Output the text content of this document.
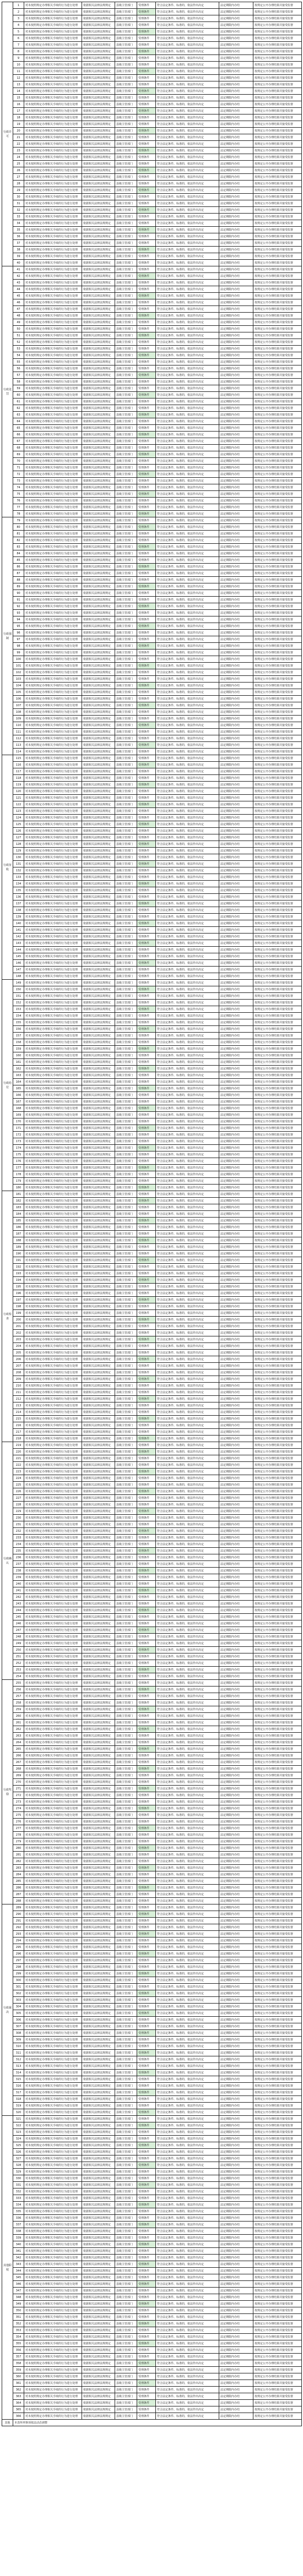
行政许可	1	对未按照规定办理相关手续的行为进行处理	依据相关法律法规规定	县级主管部门	受理条件	符合法定条件、标准的，依法作出决定	法定期限内办结	按规定公开办理结果并接受监督
	2	对未按照规定办理相关手续的行为进行处理	依据相关法律法规规定	县级主管部门	受理条件	符合法定条件、标准的，依法作出决定	法定期限内办结	按规定公开办理结果并接受监督
	3	对未按照规定办理相关手续的行为进行处理	依据相关法律法规规定	县级主管部门	受理条件	符合法定条件、标准的，依法作出决定	法定期限内办结	按规定公开办理结果并接受监督
	4	对未按照规定办理相关手续的行为进行处理	依据相关法律法规规定	县级主管部门	受理条件	符合法定条件、标准的，依法作出决定	法定期限内办结	按规定公开办理结果并接受监督
	5	对未按照规定办理相关手续的行为进行处理	依据相关法律法规规定	县级主管部门	受理条件	符合法定条件、标准的，依法作出决定	法定期限内办结	按规定公开办理结果并接受监督
	6	对未按照规定办理相关手续的行为进行处理	依据相关法律法规规定	县级主管部门	受理条件	符合法定条件、标准的，依法作出决定	法定期限内办结	按规定公开办理结果并接受监督
	7	对未按照规定办理相关手续的行为进行处理	依据相关法律法规规定	县级主管部门	受理条件	符合法定条件、标准的，依法作出决定	法定期限内办结	按规定公开办理结果并接受监督
	8	对未按照规定办理相关手续的行为进行处理	依据相关法律法规规定	县级主管部门	受理条件	符合法定条件、标准的，依法作出决定	法定期限内办结	按规定公开办理结果并接受监督
	9	对未按照规定办理相关手续的行为进行处理	依据相关法律法规规定	县级主管部门	受理条件	符合法定条件、标准的，依法作出决定	法定期限内办结	按规定公开办理结果并接受监督
	10	对未按照规定办理相关手续的行为进行处理	依据相关法律法规规定	县级主管部门	受理条件	符合法定条件、标准的，依法作出决定	法定期限内办结	按规定公开办理结果并接受监督
	11	对未按照规定办理相关手续的行为进行处理	依据相关法律法规规定	县级主管部门	受理条件	符合法定条件、标准的，依法作出决定	法定期限内办结	按规定公开办理结果并接受监督
	12	对未按照规定办理相关手续的行为进行处理	依据相关法律法规规定	县级主管部门	受理条件	符合法定条件、标准的，依法作出决定	法定期限内办结	按规定公开办理结果并接受监督
	13	对未按照规定办理相关手续的行为进行处理	依据相关法律法规规定	县级主管部门	受理条件	符合法定条件、标准的，依法作出决定	法定期限内办结	按规定公开办理结果并接受监督
	14	对未按照规定办理相关手续的行为进行处理	依据相关法律法规规定	县级主管部门	受理条件	符合法定条件、标准的，依法作出决定	法定期限内办结	按规定公开办理结果并接受监督
	15	对未按照规定办理相关手续的行为进行处理	依据相关法律法规规定	县级主管部门	受理条件	符合法定条件、标准的，依法作出决定	法定期限内办结	按规定公开办理结果并接受监督
	16	对未按照规定办理相关手续的行为进行处理	依据相关法律法规规定	县级主管部门	受理条件	符合法定条件、标准的，依法作出决定	法定期限内办结	按规定公开办理结果并接受监督
	17	对未按照规定办理相关手续的行为进行处理	依据相关法律法规规定	县级主管部门	受理条件	符合法定条件、标准的，依法作出决定	法定期限内办结	按规定公开办理结果并接受监督
	18	对未按照规定办理相关手续的行为进行处理	依据相关法律法规规定	县级主管部门	受理条件	符合法定条件、标准的，依法作出决定	法定期限内办结	按规定公开办理结果并接受监督
	19	对未按照规定办理相关手续的行为进行处理	依据相关法律法规规定	县级主管部门	受理条件	符合法定条件、标准的，依法作出决定	法定期限内办结	按规定公开办理结果并接受监督
	20	对未按照规定办理相关手续的行为进行处理	依据相关法律法规规定	县级主管部门	受理条件	符合法定条件、标准的，依法作出决定	法定期限内办结	按规定公开办理结果并接受监督
	21	对未按照规定办理相关手续的行为进行处理	依据相关法律法规规定	县级主管部门	受理条件	符合法定条件、标准的，依法作出决定	法定期限内办结	按规定公开办理结果并接受监督
	22	对未按照规定办理相关手续的行为进行处理	依据相关法律法规规定	县级主管部门	受理条件	符合法定条件、标准的，依法作出决定	法定期限内办结	按规定公开办理结果并接受监督
	23	对未按照规定办理相关手续的行为进行处理	依据相关法律法规规定	县级主管部门	受理条件	符合法定条件、标准的，依法作出决定	法定期限内办结	按规定公开办理结果并接受监督
	24	对未按照规定办理相关手续的行为进行处理	依据相关法律法规规定	县级主管部门	受理条件	符合法定条件、标准的，依法作出决定	法定期限内办结	按规定公开办理结果并接受监督
	25	对未按照规定办理相关手续的行为进行处理	依据相关法律法规规定	县级主管部门	受理条件	符合法定条件、标准的，依法作出决定	法定期限内办结	按规定公开办理结果并接受监督
	26	对未按照规定办理相关手续的行为进行处理	依据相关法律法规规定	县级主管部门	受理条件	符合法定条件、标准的，依法作出决定	法定期限内办结	按规定公开办理结果并接受监督
	27	对未按照规定办理相关手续的行为进行处理	依据相关法律法规规定	县级主管部门	受理条件	符合法定条件、标准的，依法作出决定	法定期限内办结	按规定公开办理结果并接受监督
	28	对未按照规定办理相关手续的行为进行处理	依据相关法律法规规定	县级主管部门	受理条件	符合法定条件、标准的，依法作出决定	法定期限内办结	按规定公开办理结果并接受监督
	29	对未按照规定办理相关手续的行为进行处理	依据相关法律法规规定	县级主管部门	受理条件	符合法定条件、标准的，依法作出决定	法定期限内办结	按规定公开办理结果并接受监督
	30	对未按照规定办理相关手续的行为进行处理	依据相关法律法规规定	县级主管部门	受理条件	符合法定条件、标准的，依法作出决定	法定期限内办结	按规定公开办理结果并接受监督
	31	对未按照规定办理相关手续的行为进行处理	依据相关法律法规规定	县级主管部门	受理条件	符合法定条件、标准的，依法作出决定	法定期限内办结	按规定公开办理结果并接受监督
	32	对未按照规定办理相关手续的行为进行处理	依据相关法律法规规定	县级主管部门	受理条件	符合法定条件、标准的，依法作出决定	法定期限内办结	按规定公开办理结果并接受监督
	33	对未按照规定办理相关手续的行为进行处理	依据相关法律法规规定	县级主管部门	受理条件	符合法定条件、标准的，依法作出决定	法定期限内办结	按规定公开办理结果并接受监督
	34	对未按照规定办理相关手续的行为进行处理	依据相关法律法规规定	县级主管部门	受理条件	符合法定条件、标准的，依法作出决定	法定期限内办结	按规定公开办理结果并接受监督
	35	对未按照规定办理相关手续的行为进行处理	依据相关法律法规规定	县级主管部门	受理条件	符合法定条件、标准的，依法作出决定	法定期限内办结	按规定公开办理结果并接受监督
	36	对未按照规定办理相关手续的行为进行处理	依据相关法律法规规定	县级主管部门	受理条件	符合法定条件、标准的，依法作出决定	法定期限内办结	按规定公开办理结果并接受监督
	37	对未按照规定办理相关手续的行为进行处理	依据相关法律法规规定	县级主管部门	受理条件	符合法定条件、标准的，依法作出决定	法定期限内办结	按规定公开办理结果并接受监督
	38	对未按照规定办理相关手续的行为进行处理	依据相关法律法规规定	县级主管部门	受理条件	符合法定条件、标准的，依法作出决定	法定期限内办结	按规定公开办理结果并接受监督
	39	对未按照规定办理相关手续的行为进行处理	依据相关法律法规规定	县级主管部门	受理条件	符合法定条件、标准的，依法作出决定	法定期限内办结	按规定公开办理结果并接受监督
	40	对未按照规定办理相关手续的行为进行处理	依据相关法律法规规定	县级主管部门	受理条件	符合法定条件、标准的，依法作出决定	法定期限内办结	按规定公开办理结果并接受监督
行政处罚	41	对未按照规定办理相关手续的行为进行处理	依据相关法律法规规定	县级主管部门	受理条件	符合法定条件、标准的，依法作出决定	法定期限内办结	按规定公开办理结果并接受监督
	42	对未按照规定办理相关手续的行为进行处理	依据相关法律法规规定	县级主管部门	受理条件	符合法定条件、标准的，依法作出决定	法定期限内办结	按规定公开办理结果并接受监督
	43	对未按照规定办理相关手续的行为进行处理	依据相关法律法规规定	县级主管部门	受理条件	符合法定条件、标准的，依法作出决定	法定期限内办结	按规定公开办理结果并接受监督
	44	对未按照规定办理相关手续的行为进行处理	依据相关法律法规规定	县级主管部门	受理条件	符合法定条件、标准的，依法作出决定	法定期限内办结	按规定公开办理结果并接受监督
	45	对未按照规定办理相关手续的行为进行处理	依据相关法律法规规定	县级主管部门	受理条件	符合法定条件、标准的，依法作出决定	法定期限内办结	按规定公开办理结果并接受监督
	46	对未按照规定办理相关手续的行为进行处理	依据相关法律法规规定	县级主管部门	受理条件	符合法定条件、标准的，依法作出决定	法定期限内办结	按规定公开办理结果并接受监督
	47	对未按照规定办理相关手续的行为进行处理	依据相关法律法规规定	县级主管部门	受理条件	符合法定条件、标准的，依法作出决定	法定期限内办结	按规定公开办理结果并接受监督
	48	对未按照规定办理相关手续的行为进行处理	依据相关法律法规规定	县级主管部门	受理条件	符合法定条件、标准的，依法作出决定	法定期限内办结	按规定公开办理结果并接受监督
	49	对未按照规定办理相关手续的行为进行处理	依据相关法律法规规定	县级主管部门	受理条件	符合法定条件、标准的，依法作出决定	法定期限内办结	按规定公开办理结果并接受监督
	50	对未按照规定办理相关手续的行为进行处理	依据相关法律法规规定	县级主管部门	受理条件	符合法定条件、标准的，依法作出决定	法定期限内办结	按规定公开办理结果并接受监督
	51	对未按照规定办理相关手续的行为进行处理	依据相关法律法规规定	县级主管部门	受理条件	符合法定条件、标准的，依法作出决定	法定期限内办结	按规定公开办理结果并接受监督
	52	对未按照规定办理相关手续的行为进行处理	依据相关法律法规规定	县级主管部门	受理条件	符合法定条件、标准的，依法作出决定	法定期限内办结	按规定公开办理结果并接受监督
	53	对未按照规定办理相关手续的行为进行处理	依据相关法律法规规定	县级主管部门	受理条件	符合法定条件、标准的，依法作出决定	法定期限内办结	按规定公开办理结果并接受监督
	54	对未按照规定办理相关手续的行为进行处理	依据相关法律法规规定	县级主管部门	受理条件	符合法定条件、标准的，依法作出决定	法定期限内办结	按规定公开办理结果并接受监督
	55	对未按照规定办理相关手续的行为进行处理	依据相关法律法规规定	县级主管部门	受理条件	符合法定条件、标准的，依法作出决定	法定期限内办结	按规定公开办理结果并接受监督
	56	对未按照规定办理相关手续的行为进行处理	依据相关法律法规规定	县级主管部门	受理条件	符合法定条件、标准的，依法作出决定	法定期限内办结	按规定公开办理结果并接受监督
	57	对未按照规定办理相关手续的行为进行处理	依据相关法律法规规定	县级主管部门	受理条件	符合法定条件、标准的，依法作出决定	法定期限内办结	按规定公开办理结果并接受监督
	58	对未按照规定办理相关手续的行为进行处理	依据相关法律法规规定	县级主管部门	受理条件	符合法定条件、标准的，依法作出决定	法定期限内办结	按规定公开办理结果并接受监督
	59	对未按照规定办理相关手续的行为进行处理	依据相关法律法规规定	县级主管部门	受理条件	符合法定条件、标准的，依法作出决定	法定期限内办结	按规定公开办理结果并接受监督
	60	对未按照规定办理相关手续的行为进行处理	依据相关法律法规规定	县级主管部门	受理条件	符合法定条件、标准的，依法作出决定	法定期限内办结	按规定公开办理结果并接受监督
	61	对未按照规定办理相关手续的行为进行处理	依据相关法律法规规定	县级主管部门	受理条件	符合法定条件、标准的，依法作出决定	法定期限内办结	按规定公开办理结果并接受监督
	62	对未按照规定办理相关手续的行为进行处理	依据相关法律法规规定	县级主管部门	受理条件	符合法定条件、标准的，依法作出决定	法定期限内办结	按规定公开办理结果并接受监督
	63	对未按照规定办理相关手续的行为进行处理	依据相关法律法规规定	县级主管部门	受理条件	符合法定条件、标准的，依法作出决定	法定期限内办结	按规定公开办理结果并接受监督
	64	对未按照规定办理相关手续的行为进行处理	依据相关法律法规规定	县级主管部门	受理条件	符合法定条件、标准的，依法作出决定	法定期限内办结	按规定公开办理结果并接受监督
	65	对未按照规定办理相关手续的行为进行处理	依据相关法律法规规定	县级主管部门	受理条件	符合法定条件、标准的，依法作出决定	法定期限内办结	按规定公开办理结果并接受监督
	66	对未按照规定办理相关手续的行为进行处理	依据相关法律法规规定	县级主管部门	受理条件	符合法定条件、标准的，依法作出决定	法定期限内办结	按规定公开办理结果并接受监督
	67	对未按照规定办理相关手续的行为进行处理	依据相关法律法规规定	县级主管部门	受理条件	符合法定条件、标准的，依法作出决定	法定期限内办结	按规定公开办理结果并接受监督
	68	对未按照规定办理相关手续的行为进行处理	依据相关法律法规规定	县级主管部门	受理条件	符合法定条件、标准的，依法作出决定	法定期限内办结	按规定公开办理结果并接受监督
	69	对未按照规定办理相关手续的行为进行处理	依据相关法律法规规定	县级主管部门	受理条件	符合法定条件、标准的，依法作出决定	法定期限内办结	按规定公开办理结果并接受监督
	70	对未按照规定办理相关手续的行为进行处理	依据相关法律法规规定	县级主管部门	受理条件	符合法定条件、标准的，依法作出决定	法定期限内办结	按规定公开办理结果并接受监督
	71	对未按照规定办理相关手续的行为进行处理	依据相关法律法规规定	县级主管部门	受理条件	符合法定条件、标准的，依法作出决定	法定期限内办结	按规定公开办理结果并接受监督
	72	对未按照规定办理相关手续的行为进行处理	依据相关法律法规规定	县级主管部门	受理条件	符合法定条件、标准的，依法作出决定	法定期限内办结	按规定公开办理结果并接受监督
	73	对未按照规定办理相关手续的行为进行处理	依据相关法律法规规定	县级主管部门	受理条件	符合法定条件、标准的，依法作出决定	法定期限内办结	按规定公开办理结果并接受监督
	74	对未按照规定办理相关手续的行为进行处理	依据相关法律法规规定	县级主管部门	受理条件	符合法定条件、标准的，依法作出决定	法定期限内办结	按规定公开办理结果并接受监督
	75	对未按照规定办理相关手续的行为进行处理	依据相关法律法规规定	县级主管部门	受理条件	符合法定条件、标准的，依法作出决定	法定期限内办结	按规定公开办理结果并接受监督
	76	对未按照规定办理相关手续的行为进行处理	依据相关法律法规规定	县级主管部门	受理条件	符合法定条件、标准的，依法作出决定	法定期限内办结	按规定公开办理结果并接受监督
	77	对未按照规定办理相关手续的行为进行处理	依据相关法律法规规定	县级主管部门	受理条件	符合法定条件、标准的，依法作出决定	法定期限内办结	按规定公开办理结果并接受监督
	78	对未按照规定办理相关手续的行为进行处理	依据相关法律法规规定	县级主管部门	受理条件	符合法定条件、标准的，依法作出决定	法定期限内办结	按规定公开办理结果并接受监督
行政强制	79	对未按照规定办理相关手续的行为进行处理	依据相关法律法规规定	县级主管部门	受理条件	符合法定条件、标准的，依法作出决定	法定期限内办结	按规定公开办理结果并接受监督
	80	对未按照规定办理相关手续的行为进行处理	依据相关法律法规规定	县级主管部门	受理条件	符合法定条件、标准的，依法作出决定	法定期限内办结	按规定公开办理结果并接受监督
	81	对未按照规定办理相关手续的行为进行处理	依据相关法律法规规定	县级主管部门	受理条件	符合法定条件、标准的，依法作出决定	法定期限内办结	按规定公开办理结果并接受监督
	82	对未按照规定办理相关手续的行为进行处理	依据相关法律法规规定	县级主管部门	受理条件	符合法定条件、标准的，依法作出决定	法定期限内办结	按规定公开办理结果并接受监督
	83	对未按照规定办理相关手续的行为进行处理	依据相关法律法规规定	县级主管部门	受理条件	符合法定条件、标准的，依法作出决定	法定期限内办结	按规定公开办理结果并接受监督
	84	对未按照规定办理相关手续的行为进行处理	依据相关法律法规规定	县级主管部门	受理条件	符合法定条件、标准的，依法作出决定	法定期限内办结	按规定公开办理结果并接受监督
	85	对未按照规定办理相关手续的行为进行处理	依据相关法律法规规定	县级主管部门	受理条件	符合法定条件、标准的，依法作出决定	法定期限内办结	按规定公开办理结果并接受监督
	86	对未按照规定办理相关手续的行为进行处理	依据相关法律法规规定	县级主管部门	受理条件	符合法定条件、标准的，依法作出决定	法定期限内办结	按规定公开办理结果并接受监督
	87	对未按照规定办理相关手续的行为进行处理	依据相关法律法规规定	县级主管部门	受理条件	符合法定条件、标准的，依法作出决定	法定期限内办结	按规定公开办理结果并接受监督
	88	对未按照规定办理相关手续的行为进行处理	依据相关法律法规规定	县级主管部门	受理条件	符合法定条件、标准的，依法作出决定	法定期限内办结	按规定公开办理结果并接受监督
	89	对未按照规定办理相关手续的行为进行处理	依据相关法律法规规定	县级主管部门	受理条件	符合法定条件、标准的，依法作出决定	法定期限内办结	按规定公开办理结果并接受监督
	90	对未按照规定办理相关手续的行为进行处理	依据相关法律法规规定	县级主管部门	受理条件	符合法定条件、标准的，依法作出决定	法定期限内办结	按规定公开办理结果并接受监督
	91	对未按照规定办理相关手续的行为进行处理	依据相关法律法规规定	县级主管部门	受理条件	符合法定条件、标准的，依法作出决定	法定期限内办结	按规定公开办理结果并接受监督
	92	对未按照规定办理相关手续的行为进行处理	依据相关法律法规规定	县级主管部门	受理条件	符合法定条件、标准的，依法作出决定	法定期限内办结	按规定公开办理结果并接受监督
	93	对未按照规定办理相关手续的行为进行处理	依据相关法律法规规定	县级主管部门	受理条件	符合法定条件、标准的，依法作出决定	法定期限内办结	按规定公开办理结果并接受监督
	94	对未按照规定办理相关手续的行为进行处理	依据相关法律法规规定	县级主管部门	受理条件	符合法定条件、标准的，依法作出决定	法定期限内办结	按规定公开办理结果并接受监督
	95	对未按照规定办理相关手续的行为进行处理	依据相关法律法规规定	县级主管部门	受理条件	符合法定条件、标准的，依法作出决定	法定期限内办结	按规定公开办理结果并接受监督
	96	对未按照规定办理相关手续的行为进行处理	依据相关法律法规规定	县级主管部门	受理条件	符合法定条件、标准的，依法作出决定	法定期限内办结	按规定公开办理结果并接受监督
	97	对未按照规定办理相关手续的行为进行处理	依据相关法律法规规定	县级主管部门	受理条件	符合法定条件、标准的，依法作出决定	法定期限内办结	按规定公开办理结果并接受监督
	98	对未按照规定办理相关手续的行为进行处理	依据相关法律法规规定	县级主管部门	受理条件	符合法定条件、标准的，依法作出决定	法定期限内办结	按规定公开办理结果并接受监督
	99	对未按照规定办理相关手续的行为进行处理	依据相关法律法规规定	县级主管部门	受理条件	符合法定条件、标准的，依法作出决定	法定期限内办结	按规定公开办理结果并接受监督
	100	对未按照规定办理相关手续的行为进行处理	依据相关法律法规规定	县级主管部门	受理条件	符合法定条件、标准的，依法作出决定	法定期限内办结	按规定公开办理结果并接受监督
	101	对未按照规定办理相关手续的行为进行处理	依据相关法律法规规定	县级主管部门	受理条件	符合法定条件、标准的，依法作出决定	法定期限内办结	按规定公开办理结果并接受监督
	102	对未按照规定办理相关手续的行为进行处理	依据相关法律法规规定	县级主管部门	受理条件	符合法定条件、标准的，依法作出决定	法定期限内办结	按规定公开办理结果并接受监督
	103	对未按照规定办理相关手续的行为进行处理	依据相关法律法规规定	县级主管部门	受理条件	符合法定条件、标准的，依法作出决定	法定期限内办结	按规定公开办理结果并接受监督
	104	对未按照规定办理相关手续的行为进行处理	依据相关法律法规规定	县级主管部门	受理条件	符合法定条件、标准的，依法作出决定	法定期限内办结	按规定公开办理结果并接受监督
	105	对未按照规定办理相关手续的行为进行处理	依据相关法律法规规定	县级主管部门	受理条件	符合法定条件、标准的，依法作出决定	法定期限内办结	按规定公开办理结果并接受监督
	106	对未按照规定办理相关手续的行为进行处理	依据相关法律法规规定	县级主管部门	受理条件	符合法定条件、标准的，依法作出决定	法定期限内办结	按规定公开办理结果并接受监督
	107	对未按照规定办理相关手续的行为进行处理	依据相关法律法规规定	县级主管部门	受理条件	符合法定条件、标准的，依法作出决定	法定期限内办结	按规定公开办理结果并接受监督
	108	对未按照规定办理相关手续的行为进行处理	依据相关法律法规规定	县级主管部门	受理条件	符合法定条件、标准的，依法作出决定	法定期限内办结	按规定公开办理结果并接受监督
	109	对未按照规定办理相关手续的行为进行处理	依据相关法律法规规定	县级主管部门	受理条件	符合法定条件、标准的，依法作出决定	法定期限内办结	按规定公开办理结果并接受监督
	110	对未按照规定办理相关手续的行为进行处理	依据相关法律法规规定	县级主管部门	受理条件	符合法定条件、标准的，依法作出决定	法定期限内办结	按规定公开办理结果并接受监督
	111	对未按照规定办理相关手续的行为进行处理	依据相关法律法规规定	县级主管部门	受理条件	符合法定条件、标准的，依法作出决定	法定期限内办结	按规定公开办理结果并接受监督
	112	对未按照规定办理相关手续的行为进行处理	依据相关法律法规规定	县级主管部门	受理条件	符合法定条件、标准的，依法作出决定	法定期限内办结	按规定公开办理结果并接受监督
	113	对未按照规定办理相关手续的行为进行处理	依据相关法律法规规定	县级主管部门	受理条件	符合法定条件、标准的，依法作出决定	法定期限内办结	按规定公开办理结果并接受监督
	114	对未按照规定办理相关手续的行为进行处理	依据相关法律法规规定	县级主管部门	受理条件	符合法定条件、标准的，依法作出决定	法定期限内办结	按规定公开办理结果并接受监督
行政征收	115	对未按照规定办理相关手续的行为进行处理	依据相关法律法规规定	县级主管部门	受理条件	符合法定条件、标准的，依法作出决定	法定期限内办结	按规定公开办理结果并接受监督
	116	对未按照规定办理相关手续的行为进行处理	依据相关法律法规规定	县级主管部门	受理条件	符合法定条件、标准的，依法作出决定	法定期限内办结	按规定公开办理结果并接受监督
	117	对未按照规定办理相关手续的行为进行处理	依据相关法律法规规定	县级主管部门	受理条件	符合法定条件、标准的，依法作出决定	法定期限内办结	按规定公开办理结果并接受监督
	118	对未按照规定办理相关手续的行为进行处理	依据相关法律法规规定	县级主管部门	受理条件	符合法定条件、标准的，依法作出决定	法定期限内办结	按规定公开办理结果并接受监督
	119	对未按照规定办理相关手续的行为进行处理	依据相关法律法规规定	县级主管部门	受理条件	符合法定条件、标准的，依法作出决定	法定期限内办结	按规定公开办理结果并接受监督
	120	对未按照规定办理相关手续的行为进行处理	依据相关法律法规规定	县级主管部门	受理条件	符合法定条件、标准的，依法作出决定	法定期限内办结	按规定公开办理结果并接受监督
	121	对未按照规定办理相关手续的行为进行处理	依据相关法律法规规定	县级主管部门	受理条件	符合法定条件、标准的，依法作出决定	法定期限内办结	按规定公开办理结果并接受监督
	122	对未按照规定办理相关手续的行为进行处理	依据相关法律法规规定	县级主管部门	受理条件	符合法定条件、标准的，依法作出决定	法定期限内办结	按规定公开办理结果并接受监督
	123	对未按照规定办理相关手续的行为进行处理	依据相关法律法规规定	县级主管部门	受理条件	符合法定条件、标准的，依法作出决定	法定期限内办结	按规定公开办理结果并接受监督
	124	对未按照规定办理相关手续的行为进行处理	依据相关法律法规规定	县级主管部门	受理条件	符合法定条件、标准的，依法作出决定	法定期限内办结	按规定公开办理结果并接受监督
	125	对未按照规定办理相关手续的行为进行处理	依据相关法律法规规定	县级主管部门	受理条件	符合法定条件、标准的，依法作出决定	法定期限内办结	按规定公开办理结果并接受监督
	126	对未按照规定办理相关手续的行为进行处理	依据相关法律法规规定	县级主管部门	受理条件	符合法定条件、标准的，依法作出决定	法定期限内办结	按规定公开办理结果并接受监督
	127	对未按照规定办理相关手续的行为进行处理	依据相关法律法规规定	县级主管部门	受理条件	符合法定条件、标准的，依法作出决定	法定期限内办结	按规定公开办理结果并接受监督
	128	对未按照规定办理相关手续的行为进行处理	依据相关法律法规规定	县级主管部门	受理条件	符合法定条件、标准的，依法作出决定	法定期限内办结	按规定公开办理结果并接受监督
	129	对未按照规定办理相关手续的行为进行处理	依据相关法律法规规定	县级主管部门	受理条件	符合法定条件、标准的，依法作出决定	法定期限内办结	按规定公开办理结果并接受监督
	130	对未按照规定办理相关手续的行为进行处理	依据相关法律法规规定	县级主管部门	受理条件	符合法定条件、标准的，依法作出决定	法定期限内办结	按规定公开办理结果并接受监督
	131	对未按照规定办理相关手续的行为进行处理	依据相关法律法规规定	县级主管部门	受理条件	符合法定条件、标准的，依法作出决定	法定期限内办结	按规定公开办理结果并接受监督
	132	对未按照规定办理相关手续的行为进行处理	依据相关法律法规规定	县级主管部门	受理条件	符合法定条件、标准的，依法作出决定	法定期限内办结	按规定公开办理结果并接受监督
	133	对未按照规定办理相关手续的行为进行处理	依据相关法律法规规定	县级主管部门	受理条件	符合法定条件、标准的，依法作出决定	法定期限内办结	按规定公开办理结果并接受监督
	134	对未按照规定办理相关手续的行为进行处理	依据相关法律法规规定	县级主管部门	受理条件	符合法定条件、标准的，依法作出决定	法定期限内办结	按规定公开办理结果并接受监督
	135	对未按照规定办理相关手续的行为进行处理	依据相关法律法规规定	县级主管部门	受理条件	符合法定条件、标准的，依法作出决定	法定期限内办结	按规定公开办理结果并接受监督
	136	对未按照规定办理相关手续的行为进行处理	依据相关法律法规规定	县级主管部门	受理条件	符合法定条件、标准的，依法作出决定	法定期限内办结	按规定公开办理结果并接受监督
	137	对未按照规定办理相关手续的行为进行处理	依据相关法律法规规定	县级主管部门	受理条件	符合法定条件、标准的，依法作出决定	法定期限内办结	按规定公开办理结果并接受监督
	138	对未按照规定办理相关手续的行为进行处理	依据相关法律法规规定	县级主管部门	受理条件	符合法定条件、标准的，依法作出决定	法定期限内办结	按规定公开办理结果并接受监督
	139	对未按照规定办理相关手续的行为进行处理	依据相关法律法规规定	县级主管部门	受理条件	符合法定条件、标准的，依法作出决定	法定期限内办结	按规定公开办理结果并接受监督
	140	对未按照规定办理相关手续的行为进行处理	依据相关法律法规规定	县级主管部门	受理条件	符合法定条件、标准的，依法作出决定	法定期限内办结	按规定公开办理结果并接受监督
	141	对未按照规定办理相关手续的行为进行处理	依据相关法律法规规定	县级主管部门	受理条件	符合法定条件、标准的，依法作出决定	法定期限内办结	按规定公开办理结果并接受监督
	142	对未按照规定办理相关手续的行为进行处理	依据相关法律法规规定	县级主管部门	受理条件	符合法定条件、标准的，依法作出决定	法定期限内办结	按规定公开办理结果并接受监督
	143	对未按照规定办理相关手续的行为进行处理	依据相关法律法规规定	县级主管部门	受理条件	符合法定条件、标准的，依法作出决定	法定期限内办结	按规定公开办理结果并接受监督
	144	对未按照规定办理相关手续的行为进行处理	依据相关法律法规规定	县级主管部门	受理条件	符合法定条件、标准的，依法作出决定	法定期限内办结	按规定公开办理结果并接受监督
	145	对未按照规定办理相关手续的行为进行处理	依据相关法律法规规定	县级主管部门	受理条件	符合法定条件、标准的，依法作出决定	法定期限内办结	按规定公开办理结果并接受监督
	146	对未按照规定办理相关手续的行为进行处理	依据相关法律法规规定	县级主管部门	受理条件	符合法定条件、标准的，依法作出决定	法定期限内办结	按规定公开办理结果并接受监督
	147	对未按照规定办理相关手续的行为进行处理	依据相关法律法规规定	县级主管部门	受理条件	符合法定条件、标准的，依法作出决定	法定期限内办结	按规定公开办理结果并接受监督
	148	对未按照规定办理相关手续的行为进行处理	依据相关法律法规规定	县级主管部门	受理条件	符合法定条件、标准的，依法作出决定	法定期限内办结	按规定公开办理结果并接受监督
行政给付	149	对未按照规定办理相关手续的行为进行处理	依据相关法律法规规定	县级主管部门	受理条件	符合法定条件、标准的，依法作出决定	法定期限内办结	按规定公开办理结果并接受监督
	150	对未按照规定办理相关手续的行为进行处理	依据相关法律法规规定	县级主管部门	受理条件	符合法定条件、标准的，依法作出决定	法定期限内办结	按规定公开办理结果并接受监督
	151	对未按照规定办理相关手续的行为进行处理	依据相关法律法规规定	县级主管部门	受理条件	符合法定条件、标准的，依法作出决定	法定期限内办结	按规定公开办理结果并接受监督
	152	对未按照规定办理相关手续的行为进行处理	依据相关法律法规规定	县级主管部门	受理条件	符合法定条件、标准的，依法作出决定	法定期限内办结	按规定公开办理结果并接受监督
	153	对未按照规定办理相关手续的行为进行处理	依据相关法律法规规定	县级主管部门	受理条件	符合法定条件、标准的，依法作出决定	法定期限内办结	按规定公开办理结果并接受监督
	154	对未按照规定办理相关手续的行为进行处理	依据相关法律法规规定	县级主管部门	受理条件	符合法定条件、标准的，依法作出决定	法定期限内办结	按规定公开办理结果并接受监督
	155	对未按照规定办理相关手续的行为进行处理	依据相关法律法规规定	县级主管部门	受理条件	符合法定条件、标准的，依法作出决定	法定期限内办结	按规定公开办理结果并接受监督
	156	对未按照规定办理相关手续的行为进行处理	依据相关法律法规规定	县级主管部门	受理条件	符合法定条件、标准的，依法作出决定	法定期限内办结	按规定公开办理结果并接受监督
	157	对未按照规定办理相关手续的行为进行处理	依据相关法律法规规定	县级主管部门	受理条件	符合法定条件、标准的，依法作出决定	法定期限内办结	按规定公开办理结果并接受监督
	158	对未按照规定办理相关手续的行为进行处理	依据相关法律法规规定	县级主管部门	受理条件	符合法定条件、标准的，依法作出决定	法定期限内办结	按规定公开办理结果并接受监督
	159	对未按照规定办理相关手续的行为进行处理	依据相关法律法规规定	县级主管部门	受理条件	符合法定条件、标准的，依法作出决定	法定期限内办结	按规定公开办理结果并接受监督
	160	对未按照规定办理相关手续的行为进行处理	依据相关法律法规规定	县级主管部门	受理条件	符合法定条件、标准的，依法作出决定	法定期限内办结	按规定公开办理结果并接受监督
	161	对未按照规定办理相关手续的行为进行处理	依据相关法律法规规定	县级主管部门	受理条件	符合法定条件、标准的，依法作出决定	法定期限内办结	按规定公开办理结果并接受监督
	162	对未按照规定办理相关手续的行为进行处理	依据相关法律法规规定	县级主管部门	受理条件	符合法定条件、标准的，依法作出决定	法定期限内办结	按规定公开办理结果并接受监督
	163	对未按照规定办理相关手续的行为进行处理	依据相关法律法规规定	县级主管部门	受理条件	符合法定条件、标准的，依法作出决定	法定期限内办结	按规定公开办理结果并接受监督
	164	对未按照规定办理相关手续的行为进行处理	依据相关法律法规规定	县级主管部门	受理条件	符合法定条件、标准的，依法作出决定	法定期限内办结	按规定公开办理结果并接受监督
	165	对未按照规定办理相关手续的行为进行处理	依据相关法律法规规定	县级主管部门	受理条件	符合法定条件、标准的，依法作出决定	法定期限内办结	按规定公开办理结果并接受监督
	166	对未按照规定办理相关手续的行为进行处理	依据相关法律法规规定	县级主管部门	受理条件	符合法定条件、标准的，依法作出决定	法定期限内办结	按规定公开办理结果并接受监督
	167	对未按照规定办理相关手续的行为进行处理	依据相关法律法规规定	县级主管部门	受理条件	符合法定条件、标准的，依法作出决定	法定期限内办结	按规定公开办理结果并接受监督
	168	对未按照规定办理相关手续的行为进行处理	依据相关法律法规规定	县级主管部门	受理条件	符合法定条件、标准的，依法作出决定	法定期限内办结	按规定公开办理结果并接受监督
	169	对未按照规定办理相关手续的行为进行处理	依据相关法律法规规定	县级主管部门	受理条件	符合法定条件、标准的，依法作出决定	法定期限内办结	按规定公开办理结果并接受监督
	170	对未按照规定办理相关手续的行为进行处理	依据相关法律法规规定	县级主管部门	受理条件	符合法定条件、标准的，依法作出决定	法定期限内办结	按规定公开办理结果并接受监督
	171	对未按照规定办理相关手续的行为进行处理	依据相关法律法规规定	县级主管部门	受理条件	符合法定条件、标准的，依法作出决定	法定期限内办结	按规定公开办理结果并接受监督
	172	对未按照规定办理相关手续的行为进行处理	依据相关法律法规规定	县级主管部门	受理条件	符合法定条件、标准的，依法作出决定	法定期限内办结	按规定公开办理结果并接受监督
	173	对未按照规定办理相关手续的行为进行处理	依据相关法律法规规定	县级主管部门	受理条件	符合法定条件、标准的，依法作出决定	法定期限内办结	按规定公开办理结果并接受监督
	174	对未按照规定办理相关手续的行为进行处理	依据相关法律法规规定	县级主管部门	受理条件	符合法定条件、标准的，依法作出决定	法定期限内办结	按规定公开办理结果并接受监督
	175	对未按照规定办理相关手续的行为进行处理	依据相关法律法规规定	县级主管部门	受理条件	符合法定条件、标准的，依法作出决定	法定期限内办结	按规定公开办理结果并接受监督
	176	对未按照规定办理相关手续的行为进行处理	依据相关法律法规规定	县级主管部门	受理条件	符合法定条件、标准的，依法作出决定	法定期限内办结	按规定公开办理结果并接受监督
	177	对未按照规定办理相关手续的行为进行处理	依据相关法律法规规定	县级主管部门	受理条件	符合法定条件、标准的，依法作出决定	法定期限内办结	按规定公开办理结果并接受监督
	178	对未按照规定办理相关手续的行为进行处理	依据相关法律法规规定	县级主管部门	受理条件	符合法定条件、标准的，依法作出决定	法定期限内办结	按规定公开办理结果并接受监督
	179	对未按照规定办理相关手续的行为进行处理	依据相关法律法规规定	县级主管部门	受理条件	符合法定条件、标准的，依法作出决定	法定期限内办结	按规定公开办理结果并接受监督
	180	对未按照规定办理相关手续的行为进行处理	依据相关法律法规规定	县级主管部门	受理条件	符合法定条件、标准的，依法作出决定	法定期限内办结	按规定公开办理结果并接受监督
行政检查	181	对未按照规定办理相关手续的行为进行处理	依据相关法律法规规定	县级主管部门	受理条件	符合法定条件、标准的，依法作出决定	法定期限内办结	按规定公开办理结果并接受监督
	182	对未按照规定办理相关手续的行为进行处理	依据相关法律法规规定	县级主管部门	受理条件	符合法定条件、标准的，依法作出决定	法定期限内办结	按规定公开办理结果并接受监督
	183	对未按照规定办理相关手续的行为进行处理	依据相关法律法规规定	县级主管部门	受理条件	符合法定条件、标准的，依法作出决定	法定期限内办结	按规定公开办理结果并接受监督
	184	对未按照规定办理相关手续的行为进行处理	依据相关法律法规规定	县级主管部门	受理条件	符合法定条件、标准的，依法作出决定	法定期限内办结	按规定公开办理结果并接受监督
	185	对未按照规定办理相关手续的行为进行处理	依据相关法律法规规定	县级主管部门	受理条件	符合法定条件、标准的，依法作出决定	法定期限内办结	按规定公开办理结果并接受监督
	186	对未按照规定办理相关手续的行为进行处理	依据相关法律法规规定	县级主管部门	受理条件	符合法定条件、标准的，依法作出决定	法定期限内办结	按规定公开办理结果并接受监督
	187	对未按照规定办理相关手续的行为进行处理	依据相关法律法规规定	县级主管部门	受理条件	符合法定条件、标准的，依法作出决定	法定期限内办结	按规定公开办理结果并接受监督
	188	对未按照规定办理相关手续的行为进行处理	依据相关法律法规规定	县级主管部门	受理条件	符合法定条件、标准的，依法作出决定	法定期限内办结	按规定公开办理结果并接受监督
	189	对未按照规定办理相关手续的行为进行处理	依据相关法律法规规定	县级主管部门	受理条件	符合法定条件、标准的，依法作出决定	法定期限内办结	按规定公开办理结果并接受监督
	190	对未按照规定办理相关手续的行为进行处理	依据相关法律法规规定	县级主管部门	受理条件	符合法定条件、标准的，依法作出决定	法定期限内办结	按规定公开办理结果并接受监督
	191	对未按照规定办理相关手续的行为进行处理	依据相关法律法规规定	县级主管部门	受理条件	符合法定条件、标准的，依法作出决定	法定期限内办结	按规定公开办理结果并接受监督
	192	对未按照规定办理相关手续的行为进行处理	依据相关法律法规规定	县级主管部门	受理条件	符合法定条件、标准的，依法作出决定	法定期限内办结	按规定公开办理结果并接受监督
	193	对未按照规定办理相关手续的行为进行处理	依据相关法律法规规定	县级主管部门	受理条件	符合法定条件、标准的，依法作出决定	法定期限内办结	按规定公开办理结果并接受监督
	194	对未按照规定办理相关手续的行为进行处理	依据相关法律法规规定	县级主管部门	受理条件	符合法定条件、标准的，依法作出决定	法定期限内办结	按规定公开办理结果并接受监督
	195	对未按照规定办理相关手续的行为进行处理	依据相关法律法规规定	县级主管部门	受理条件	符合法定条件、标准的，依法作出决定	法定期限内办结	按规定公开办理结果并接受监督
	196	对未按照规定办理相关手续的行为进行处理	依据相关法律法规规定	县级主管部门	受理条件	符合法定条件、标准的，依法作出决定	法定期限内办结	按规定公开办理结果并接受监督
	197	对未按照规定办理相关手续的行为进行处理	依据相关法律法规规定	县级主管部门	受理条件	符合法定条件、标准的，依法作出决定	法定期限内办结	按规定公开办理结果并接受监督
	198	对未按照规定办理相关手续的行为进行处理	依据相关法律法规规定	县级主管部门	受理条件	符合法定条件、标准的，依法作出决定	法定期限内办结	按规定公开办理结果并接受监督
	199	对未按照规定办理相关手续的行为进行处理	依据相关法律法规规定	县级主管部门	受理条件	符合法定条件、标准的，依法作出决定	法定期限内办结	按规定公开办理结果并接受监督
	200	对未按照规定办理相关手续的行为进行处理	依据相关法律法规规定	县级主管部门	受理条件	符合法定条件、标准的，依法作出决定	法定期限内办结	按规定公开办理结果并接受监督
	201	对未按照规定办理相关手续的行为进行处理	依据相关法律法规规定	县级主管部门	受理条件	符合法定条件、标准的，依法作出决定	法定期限内办结	按规定公开办理结果并接受监督
	202	对未按照规定办理相关手续的行为进行处理	依据相关法律法规规定	县级主管部门	受理条件	符合法定条件、标准的，依法作出决定	法定期限内办结	按规定公开办理结果并接受监督
	203	对未按照规定办理相关手续的行为进行处理	依据相关法律法规规定	县级主管部门	受理条件	符合法定条件、标准的，依法作出决定	法定期限内办结	按规定公开办理结果并接受监督
	204	对未按照规定办理相关手续的行为进行处理	依据相关法律法规规定	县级主管部门	受理条件	符合法定条件、标准的，依法作出决定	法定期限内办结	按规定公开办理结果并接受监督
	205	对未按照规定办理相关手续的行为进行处理	依据相关法律法规规定	县级主管部门	受理条件	符合法定条件、标准的，依法作出决定	法定期限内办结	按规定公开办理结果并接受监督
	206	对未按照规定办理相关手续的行为进行处理	依据相关法律法规规定	县级主管部门	受理条件	符合法定条件、标准的，依法作出决定	法定期限内办结	按规定公开办理结果并接受监督
	207	对未按照规定办理相关手续的行为进行处理	依据相关法律法规规定	县级主管部门	受理条件	符合法定条件、标准的，依法作出决定	法定期限内办结	按规定公开办理结果并接受监督
	208	对未按照规定办理相关手续的行为进行处理	依据相关法律法规规定	县级主管部门	受理条件	符合法定条件、标准的，依法作出决定	法定期限内办结	按规定公开办理结果并接受监督
	209	对未按照规定办理相关手续的行为进行处理	依据相关法律法规规定	县级主管部门	受理条件	符合法定条件、标准的，依法作出决定	法定期限内办结	按规定公开办理结果并接受监督
	210	对未按照规定办理相关手续的行为进行处理	依据相关法律法规规定	县级主管部门	受理条件	符合法定条件、标准的，依法作出决定	法定期限内办结	按规定公开办理结果并接受监督
	211	对未按照规定办理相关手续的行为进行处理	依据相关法律法规规定	县级主管部门	受理条件	符合法定条件、标准的，依法作出决定	法定期限内办结	按规定公开办理结果并接受监督
	212	对未按照规定办理相关手续的行为进行处理	依据相关法律法规规定	县级主管部门	受理条件	符合法定条件、标准的，依法作出决定	法定期限内办结	按规定公开办理结果并接受监督
	213	对未按照规定办理相关手续的行为进行处理	依据相关法律法规规定	县级主管部门	受理条件	符合法定条件、标准的，依法作出决定	法定期限内办结	按规定公开办理结果并接受监督
	214	对未按照规定办理相关手续的行为进行处理	依据相关法律法规规定	县级主管部门	受理条件	符合法定条件、标准的，依法作出决定	法定期限内办结	按规定公开办理结果并接受监督
	215	对未按照规定办理相关手续的行为进行处理	依据相关法律法规规定	县级主管部门	受理条件	符合法定条件、标准的，依法作出决定	法定期限内办结	按规定公开办理结果并接受监督
	216	对未按照规定办理相关手续的行为进行处理	依据相关法律法规规定	县级主管部门	受理条件	符合法定条件、标准的，依法作出决定	法定期限内办结	按规定公开办理结果并接受监督
	217	对未按照规定办理相关手续的行为进行处理	依据相关法律法规规定	县级主管部门	受理条件	符合法定条件、标准的，依法作出决定	法定期限内办结	按规定公开办理结果并接受监督
	218	对未按照规定办理相关手续的行为进行处理	依据相关法律法规规定	县级主管部门	受理条件	符合法定条件、标准的，依法作出决定	法定期限内办结	按规定公开办理结果并接受监督
行政确认	219	对未按照规定办理相关手续的行为进行处理	依据相关法律法规规定	县级主管部门	受理条件	符合法定条件、标准的，依法作出决定	法定期限内办结	按规定公开办理结果并接受监督
	220	对未按照规定办理相关手续的行为进行处理	依据相关法律法规规定	县级主管部门	受理条件	符合法定条件、标准的，依法作出决定	法定期限内办结	按规定公开办理结果并接受监督
	221	对未按照规定办理相关手续的行为进行处理	依据相关法律法规规定	县级主管部门	受理条件	符合法定条件、标准的，依法作出决定	法定期限内办结	按规定公开办理结果并接受监督
	222	对未按照规定办理相关手续的行为进行处理	依据相关法律法规规定	县级主管部门	受理条件	符合法定条件、标准的，依法作出决定	法定期限内办结	按规定公开办理结果并接受监督
	223	对未按照规定办理相关手续的行为进行处理	依据相关法律法规规定	县级主管部门	受理条件	符合法定条件、标准的，依法作出决定	法定期限内办结	按规定公开办理结果并接受监督
	224	对未按照规定办理相关手续的行为进行处理	依据相关法律法规规定	县级主管部门	受理条件	符合法定条件、标准的，依法作出决定	法定期限内办结	按规定公开办理结果并接受监督
	225	对未按照规定办理相关手续的行为进行处理	依据相关法律法规规定	县级主管部门	受理条件	符合法定条件、标准的，依法作出决定	法定期限内办结	按规定公开办理结果并接受监督
	226	对未按照规定办理相关手续的行为进行处理	依据相关法律法规规定	县级主管部门	受理条件	符合法定条件、标准的，依法作出决定	法定期限内办结	按规定公开办理结果并接受监督
	227	对未按照规定办理相关手续的行为进行处理	依据相关法律法规规定	县级主管部门	受理条件	符合法定条件、标准的，依法作出决定	法定期限内办结	按规定公开办理结果并接受监督
	228	对未按照规定办理相关手续的行为进行处理	依据相关法律法规规定	县级主管部门	受理条件	符合法定条件、标准的，依法作出决定	法定期限内办结	按规定公开办理结果并接受监督
	229	对未按照规定办理相关手续的行为进行处理	依据相关法律法规规定	县级主管部门	受理条件	符合法定条件、标准的，依法作出决定	法定期限内办结	按规定公开办理结果并接受监督
	230	对未按照规定办理相关手续的行为进行处理	依据相关法律法规规定	县级主管部门	受理条件	符合法定条件、标准的，依法作出决定	法定期限内办结	按规定公开办理结果并接受监督
	231	对未按照规定办理相关手续的行为进行处理	依据相关法律法规规定	县级主管部门	受理条件	符合法定条件、标准的，依法作出决定	法定期限内办结	按规定公开办理结果并接受监督
	232	对未按照规定办理相关手续的行为进行处理	依据相关法律法规规定	县级主管部门	受理条件	符合法定条件、标准的，依法作出决定	法定期限内办结	按规定公开办理结果并接受监督
	233	对未按照规定办理相关手续的行为进行处理	依据相关法律法规规定	县级主管部门	受理条件	符合法定条件、标准的，依法作出决定	法定期限内办结	按规定公开办理结果并接受监督
	234	对未按照规定办理相关手续的行为进行处理	依据相关法律法规规定	县级主管部门	受理条件	符合法定条件、标准的，依法作出决定	法定期限内办结	按规定公开办理结果并接受监督
	235	对未按照规定办理相关手续的行为进行处理	依据相关法律法规规定	县级主管部门	受理条件	符合法定条件、标准的，依法作出决定	法定期限内办结	按规定公开办理结果并接受监督
	236	对未按照规定办理相关手续的行为进行处理	依据相关法律法规规定	县级主管部门	受理条件	符合法定条件、标准的，依法作出决定	法定期限内办结	按规定公开办理结果并接受监督
	237	对未按照规定办理相关手续的行为进行处理	依据相关法律法规规定	县级主管部门	受理条件	符合法定条件、标准的，依法作出决定	法定期限内办结	按规定公开办理结果并接受监督
	238	对未按照规定办理相关手续的行为进行处理	依据相关法律法规规定	县级主管部门	受理条件	符合法定条件、标准的，依法作出决定	法定期限内办结	按规定公开办理结果并接受监督
	239	对未按照规定办理相关手续的行为进行处理	依据相关法律法规规定	县级主管部门	受理条件	符合法定条件、标准的，依法作出决定	法定期限内办结	按规定公开办理结果并接受监督
	240	对未按照规定办理相关手续的行为进行处理	依据相关法律法规规定	县级主管部门	受理条件	符合法定条件、标准的，依法作出决定	法定期限内办结	按规定公开办理结果并接受监督
	241	对未按照规定办理相关手续的行为进行处理	依据相关法律法规规定	县级主管部门	受理条件	符合法定条件、标准的，依法作出决定	法定期限内办结	按规定公开办理结果并接受监督
	242	对未按照规定办理相关手续的行为进行处理	依据相关法律法规规定	县级主管部门	受理条件	符合法定条件、标准的，依法作出决定	法定期限内办结	按规定公开办理结果并接受监督
	243	对未按照规定办理相关手续的行为进行处理	依据相关法律法规规定	县级主管部门	受理条件	符合法定条件、标准的，依法作出决定	法定期限内办结	按规定公开办理结果并接受监督
	244	对未按照规定办理相关手续的行为进行处理	依据相关法律法规规定	县级主管部门	受理条件	符合法定条件、标准的，依法作出决定	法定期限内办结	按规定公开办理结果并接受监督
	245	对未按照规定办理相关手续的行为进行处理	依据相关法律法规规定	县级主管部门	受理条件	符合法定条件、标准的，依法作出决定	法定期限内办结	按规定公开办理结果并接受监督
	246	对未按照规定办理相关手续的行为进行处理	依据相关法律法规规定	县级主管部门	受理条件	符合法定条件、标准的，依法作出决定	法定期限内办结	按规定公开办理结果并接受监督
	247	对未按照规定办理相关手续的行为进行处理	依据相关法律法规规定	县级主管部门	受理条件	符合法定条件、标准的，依法作出决定	法定期限内办结	按规定公开办理结果并接受监督
	248	对未按照规定办理相关手续的行为进行处理	依据相关法律法规规定	县级主管部门	受理条件	符合法定条件、标准的，依法作出决定	法定期限内办结	按规定公开办理结果并接受监督
	249	对未按照规定办理相关手续的行为进行处理	依据相关法律法规规定	县级主管部门	受理条件	符合法定条件、标准的，依法作出决定	法定期限内办结	按规定公开办理结果并接受监督
	250	对未按照规定办理相关手续的行为进行处理	依据相关法律法规规定	县级主管部门	受理条件	符合法定条件、标准的，依法作出决定	法定期限内办结	按规定公开办理结果并接受监督
	251	对未按照规定办理相关手续的行为进行处理	依据相关法律法规规定	县级主管部门	受理条件	符合法定条件、标准的，依法作出决定	法定期限内办结	按规定公开办理结果并接受监督
	252	对未按照规定办理相关手续的行为进行处理	依据相关法律法规规定	县级主管部门	受理条件	符合法定条件、标准的，依法作出决定	法定期限内办结	按规定公开办理结果并接受监督
	253	对未按照规定办理相关手续的行为进行处理	依据相关法律法规规定	县级主管部门	受理条件	符合法定条件、标准的，依法作出决定	法定期限内办结	按规定公开办理结果并接受监督
	254	对未按照规定办理相关手续的行为进行处理	依据相关法律法规规定	县级主管部门	受理条件	符合法定条件、标准的，依法作出决定	法定期限内办结	按规定公开办理结果并接受监督
行政奖励	255	对未按照规定办理相关手续的行为进行处理	依据相关法律法规规定	县级主管部门	受理条件	符合法定条件、标准的，依法作出决定	法定期限内办结	按规定公开办理结果并接受监督
	256	对未按照规定办理相关手续的行为进行处理	依据相关法律法规规定	县级主管部门	受理条件	符合法定条件、标准的，依法作出决定	法定期限内办结	按规定公开办理结果并接受监督
	257	对未按照规定办理相关手续的行为进行处理	依据相关法律法规规定	县级主管部门	受理条件	符合法定条件、标准的，依法作出决定	法定期限内办结	按规定公开办理结果并接受监督
	258	对未按照规定办理相关手续的行为进行处理	依据相关法律法规规定	县级主管部门	受理条件	符合法定条件、标准的，依法作出决定	法定期限内办结	按规定公开办理结果并接受监督
	259	对未按照规定办理相关手续的行为进行处理	依据相关法律法规规定	县级主管部门	受理条件	符合法定条件、标准的，依法作出决定	法定期限内办结	按规定公开办理结果并接受监督
	260	对未按照规定办理相关手续的行为进行处理	依据相关法律法规规定	县级主管部门	受理条件	符合法定条件、标准的，依法作出决定	法定期限内办结	按规定公开办理结果并接受监督
	261	对未按照规定办理相关手续的行为进行处理	依据相关法律法规规定	县级主管部门	受理条件	符合法定条件、标准的，依法作出决定	法定期限内办结	按规定公开办理结果并接受监督
	262	对未按照规定办理相关手续的行为进行处理	依据相关法律法规规定	县级主管部门	受理条件	符合法定条件、标准的，依法作出决定	法定期限内办结	按规定公开办理结果并接受监督
	263	对未按照规定办理相关手续的行为进行处理	依据相关法律法规规定	县级主管部门	受理条件	符合法定条件、标准的，依法作出决定	法定期限内办结	按规定公开办理结果并接受监督
	264	对未按照规定办理相关手续的行为进行处理	依据相关法律法规规定	县级主管部门	受理条件	符合法定条件、标准的，依法作出决定	法定期限内办结	按规定公开办理结果并接受监督
	265	对未按照规定办理相关手续的行为进行处理	依据相关法律法规规定	县级主管部门	受理条件	符合法定条件、标准的，依法作出决定	法定期限内办结	按规定公开办理结果并接受监督
	266	对未按照规定办理相关手续的行为进行处理	依据相关法律法规规定	县级主管部门	受理条件	符合法定条件、标准的，依法作出决定	法定期限内办结	按规定公开办理结果并接受监督
	267	对未按照规定办理相关手续的行为进行处理	依据相关法律法规规定	县级主管部门	受理条件	符合法定条件、标准的，依法作出决定	法定期限内办结	按规定公开办理结果并接受监督
	268	对未按照规定办理相关手续的行为进行处理	依据相关法律法规规定	县级主管部门	受理条件	符合法定条件、标准的，依法作出决定	法定期限内办结	按规定公开办理结果并接受监督
	269	对未按照规定办理相关手续的行为进行处理	依据相关法律法规规定	县级主管部门	受理条件	符合法定条件、标准的，依法作出决定	法定期限内办结	按规定公开办理结果并接受监督
	270	对未按照规定办理相关手续的行为进行处理	依据相关法律法规规定	县级主管部门	受理条件	符合法定条件、标准的，依法作出决定	法定期限内办结	按规定公开办理结果并接受监督
	271	对未按照规定办理相关手续的行为进行处理	依据相关法律法规规定	县级主管部门	受理条件	符合法定条件、标准的，依法作出决定	法定期限内办结	按规定公开办理结果并接受监督
	272	对未按照规定办理相关手续的行为进行处理	依据相关法律法规规定	县级主管部门	受理条件	符合法定条件、标准的，依法作出决定	法定期限内办结	按规定公开办理结果并接受监督
	273	对未按照规定办理相关手续的行为进行处理	依据相关法律法规规定	县级主管部门	受理条件	符合法定条件、标准的，依法作出决定	法定期限内办结	按规定公开办理结果并接受监督
	274	对未按照规定办理相关手续的行为进行处理	依据相关法律法规规定	县级主管部门	受理条件	符合法定条件、标准的，依法作出决定	法定期限内办结	按规定公开办理结果并接受监督
	275	对未按照规定办理相关手续的行为进行处理	依据相关法律法规规定	县级主管部门	受理条件	符合法定条件、标准的，依法作出决定	法定期限内办结	按规定公开办理结果并接受监督
	276	对未按照规定办理相关手续的行为进行处理	依据相关法律法规规定	县级主管部门	受理条件	符合法定条件、标准的，依法作出决定	法定期限内办结	按规定公开办理结果并接受监督
	277	对未按照规定办理相关手续的行为进行处理	依据相关法律法规规定	县级主管部门	受理条件	符合法定条件、标准的，依法作出决定	法定期限内办结	按规定公开办理结果并接受监督
	278	对未按照规定办理相关手续的行为进行处理	依据相关法律法规规定	县级主管部门	受理条件	符合法定条件、标准的，依法作出决定	法定期限内办结	按规定公开办理结果并接受监督
	279	对未按照规定办理相关手续的行为进行处理	依据相关法律法规规定	县级主管部门	受理条件	符合法定条件、标准的，依法作出决定	法定期限内办结	按规定公开办理结果并接受监督
	280	对未按照规定办理相关手续的行为进行处理	依据相关法律法规规定	县级主管部门	受理条件	符合法定条件、标准的，依法作出决定	法定期限内办结	按规定公开办理结果并接受监督
	281	对未按照规定办理相关手续的行为进行处理	依据相关法律法规规定	县级主管部门	受理条件	符合法定条件、标准的，依法作出决定	法定期限内办结	按规定公开办理结果并接受监督
	282	对未按照规定办理相关手续的行为进行处理	依据相关法律法规规定	县级主管部门	受理条件	符合法定条件、标准的，依法作出决定	法定期限内办结	按规定公开办理结果并接受监督
	283	对未按照规定办理相关手续的行为进行处理	依据相关法律法规规定	县级主管部门	受理条件	符合法定条件、标准的，依法作出决定	法定期限内办结	按规定公开办理结果并接受监督
	284	对未按照规定办理相关手续的行为进行处理	依据相关法律法规规定	县级主管部门	受理条件	符合法定条件、标准的，依法作出决定	法定期限内办结	按规定公开办理结果并接受监督
	285	对未按照规定办理相关手续的行为进行处理	依据相关法律法规规定	县级主管部门	受理条件	符合法定条件、标准的，依法作出决定	法定期限内办结	按规定公开办理结果并接受监督
	286	对未按照规定办理相关手续的行为进行处理	依据相关法律法规规定	县级主管部门	受理条件	符合法定条件、标准的，依法作出决定	法定期限内办结	按规定公开办理结果并接受监督
	287	对未按照规定办理相关手续的行为进行处理	依据相关法律法规规定	县级主管部门	受理条件	符合法定条件、标准的，依法作出决定	法定期限内办结	按规定公开办理结果并接受监督
	288	对未按照规定办理相关手续的行为进行处理	依据相关法律法规规定	县级主管部门	受理条件	符合法定条件、标准的，依法作出决定	法定期限内办结	按规定公开办理结果并接受监督
行政裁决	289	对未按照规定办理相关手续的行为进行处理	依据相关法律法规规定	县级主管部门	受理条件	符合法定条件、标准的，依法作出决定	法定期限内办结	按规定公开办理结果并接受监督
	290	对未按照规定办理相关手续的行为进行处理	依据相关法律法规规定	县级主管部门	受理条件	符合法定条件、标准的，依法作出决定	法定期限内办结	按规定公开办理结果并接受监督
	291	对未按照规定办理相关手续的行为进行处理	依据相关法律法规规定	县级主管部门	受理条件	符合法定条件、标准的，依法作出决定	法定期限内办结	按规定公开办理结果并接受监督
	292	对未按照规定办理相关手续的行为进行处理	依据相关法律法规规定	县级主管部门	受理条件	符合法定条件、标准的，依法作出决定	法定期限内办结	按规定公开办理结果并接受监督
	293	对未按照规定办理相关手续的行为进行处理	依据相关法律法规规定	县级主管部门	受理条件	符合法定条件、标准的，依法作出决定	法定期限内办结	按规定公开办理结果并接受监督
	294	对未按照规定办理相关手续的行为进行处理	依据相关法律法规规定	县级主管部门	受理条件	符合法定条件、标准的，依法作出决定	法定期限内办结	按规定公开办理结果并接受监督
	295	对未按照规定办理相关手续的行为进行处理	依据相关法律法规规定	县级主管部门	受理条件	符合法定条件、标准的，依法作出决定	法定期限内办结	按规定公开办理结果并接受监督
	296	对未按照规定办理相关手续的行为进行处理	依据相关法律法规规定	县级主管部门	受理条件	符合法定条件、标准的，依法作出决定	法定期限内办结	按规定公开办理结果并接受监督
	297	对未按照规定办理相关手续的行为进行处理	依据相关法律法规规定	县级主管部门	受理条件	符合法定条件、标准的，依法作出决定	法定期限内办结	按规定公开办理结果并接受监督
	298	对未按照规定办理相关手续的行为进行处理	依据相关法律法规规定	县级主管部门	受理条件	符合法定条件、标准的，依法作出决定	法定期限内办结	按规定公开办理结果并接受监督
	299	对未按照规定办理相关手续的行为进行处理	依据相关法律法规规定	县级主管部门	受理条件	符合法定条件、标准的，依法作出决定	法定期限内办结	按规定公开办理结果并接受监督
	300	对未按照规定办理相关手续的行为进行处理	依据相关法律法规规定	县级主管部门	受理条件	符合法定条件、标准的，依法作出决定	法定期限内办结	按规定公开办理结果并接受监督
	301	对未按照规定办理相关手续的行为进行处理	依据相关法律法规规定	县级主管部门	受理条件	符合法定条件、标准的，依法作出决定	法定期限内办结	按规定公开办理结果并接受监督
	302	对未按照规定办理相关手续的行为进行处理	依据相关法律法规规定	县级主管部门	受理条件	符合法定条件、标准的，依法作出决定	法定期限内办结	按规定公开办理结果并接受监督
	303	对未按照规定办理相关手续的行为进行处理	依据相关法律法规规定	县级主管部门	受理条件	符合法定条件、标准的，依法作出决定	法定期限内办结	按规定公开办理结果并接受监督
	304	对未按照规定办理相关手续的行为进行处理	依据相关法律法规规定	县级主管部门	受理条件	符合法定条件、标准的，依法作出决定	法定期限内办结	按规定公开办理结果并接受监督
	305	对未按照规定办理相关手续的行为进行处理	依据相关法律法规规定	县级主管部门	受理条件	符合法定条件、标准的，依法作出决定	法定期限内办结	按规定公开办理结果并接受监督
	306	对未按照规定办理相关手续的行为进行处理	依据相关法律法规规定	县级主管部门	受理条件	符合法定条件、标准的，依法作出决定	法定期限内办结	按规定公开办理结果并接受监督
	307	对未按照规定办理相关手续的行为进行处理	依据相关法律法规规定	县级主管部门	受理条件	符合法定条件、标准的，依法作出决定	法定期限内办结	按规定公开办理结果并接受监督
	308	对未按照规定办理相关手续的行为进行处理	依据相关法律法规规定	县级主管部门	受理条件	符合法定条件、标准的，依法作出决定	法定期限内办结	按规定公开办理结果并接受监督
	309	对未按照规定办理相关手续的行为进行处理	依据相关法律法规规定	县级主管部门	受理条件	符合法定条件、标准的，依法作出决定	法定期限内办结	按规定公开办理结果并接受监督
	310	对未按照规定办理相关手续的行为进行处理	依据相关法律法规规定	县级主管部门	受理条件	符合法定条件、标准的，依法作出决定	法定期限内办结	按规定公开办理结果并接受监督
	311	对未按照规定办理相关手续的行为进行处理	依据相关法律法规规定	县级主管部门	受理条件	符合法定条件、标准的，依法作出决定	法定期限内办结	按规定公开办理结果并接受监督
	312	对未按照规定办理相关手续的行为进行处理	依据相关法律法规规定	县级主管部门	受理条件	符合法定条件、标准的，依法作出决定	法定期限内办结	按规定公开办理结果并接受监督
	313	对未按照规定办理相关手续的行为进行处理	依据相关法律法规规定	县级主管部门	受理条件	符合法定条件、标准的，依法作出决定	法定期限内办结	按规定公开办理结果并接受监督
	314	对未按照规定办理相关手续的行为进行处理	依据相关法律法规规定	县级主管部门	受理条件	符合法定条件、标准的，依法作出决定	法定期限内办结	按规定公开办理结果并接受监督
	315	对未按照规定办理相关手续的行为进行处理	依据相关法律法规规定	县级主管部门	受理条件	符合法定条件、标准的，依法作出决定	法定期限内办结	按规定公开办理结果并接受监督
	316	对未按照规定办理相关手续的行为进行处理	依据相关法律法规规定	县级主管部门	受理条件	符合法定条件、标准的，依法作出决定	法定期限内办结	按规定公开办理结果并接受监督
	317	对未按照规定办理相关手续的行为进行处理	依据相关法律法规规定	县级主管部门	受理条件	符合法定条件、标准的，依法作出决定	法定期限内办结	按规定公开办理结果并接受监督
	318	对未按照规定办理相关手续的行为进行处理	依据相关法律法规规定	县级主管部门	受理条件	符合法定条件、标准的，依法作出决定	法定期限内办结	按规定公开办理结果并接受监督
	319	对未按照规定办理相关手续的行为进行处理	依据相关法律法规规定	县级主管部门	受理条件	符合法定条件、标准的，依法作出决定	法定期限内办结	按规定公开办理结果并接受监督
	320	对未按照规定办理相关手续的行为进行处理	依据相关法律法规规定	县级主管部门	受理条件	符合法定条件、标准的，依法作出决定	法定期限内办结	按规定公开办理结果并接受监督
其他职权	321	对未按照规定办理相关手续的行为进行处理	依据相关法律法规规定	县级主管部门	受理条件	符合法定条件、标准的，依法作出决定	法定期限内办结	按规定公开办理结果并接受监督
	322	对未按照规定办理相关手续的行为进行处理	依据相关法律法规规定	县级主管部门	受理条件	符合法定条件、标准的，依法作出决定	法定期限内办结	按规定公开办理结果并接受监督
	323	对未按照规定办理相关手续的行为进行处理	依据相关法律法规规定	县级主管部门	受理条件	符合法定条件、标准的，依法作出决定	法定期限内办结	按规定公开办理结果并接受监督
	324	对未按照规定办理相关手续的行为进行处理	依据相关法律法规规定	县级主管部门	受理条件	符合法定条件、标准的，依法作出决定	法定期限内办结	按规定公开办理结果并接受监督
	325	对未按照规定办理相关手续的行为进行处理	依据相关法律法规规定	县级主管部门	受理条件	符合法定条件、标准的，依法作出决定	法定期限内办结	按规定公开办理结果并接受监督
	326	对未按照规定办理相关手续的行为进行处理	依据相关法律法规规定	县级主管部门	受理条件	符合法定条件、标准的，依法作出决定	法定期限内办结	按规定公开办理结果并接受监督
	327	对未按照规定办理相关手续的行为进行处理	依据相关法律法规规定	县级主管部门	受理条件	符合法定条件、标准的，依法作出决定	法定期限内办结	按规定公开办理结果并接受监督
	328	对未按照规定办理相关手续的行为进行处理	依据相关法律法规规定	县级主管部门	受理条件	符合法定条件、标准的，依法作出决定	法定期限内办结	按规定公开办理结果并接受监督
	329	对未按照规定办理相关手续的行为进行处理	依据相关法律法规规定	县级主管部门	受理条件	符合法定条件、标准的，依法作出决定	法定期限内办结	按规定公开办理结果并接受监督
	330	对未按照规定办理相关手续的行为进行处理	依据相关法律法规规定	县级主管部门	受理条件	符合法定条件、标准的，依法作出决定	法定期限内办结	按规定公开办理结果并接受监督
	331	对未按照规定办理相关手续的行为进行处理	依据相关法律法规规定	县级主管部门	受理条件	符合法定条件、标准的，依法作出决定	法定期限内办结	按规定公开办理结果并接受监督
	332	对未按照规定办理相关手续的行为进行处理	依据相关法律法规规定	县级主管部门	受理条件	符合法定条件、标准的，依法作出决定	法定期限内办结	按规定公开办理结果并接受监督
	333	对未按照规定办理相关手续的行为进行处理	依据相关法律法规规定	县级主管部门	受理条件	符合法定条件、标准的，依法作出决定	法定期限内办结	按规定公开办理结果并接受监督
	334	对未按照规定办理相关手续的行为进行处理	依据相关法律法规规定	县级主管部门	受理条件	符合法定条件、标准的，依法作出决定	法定期限内办结	按规定公开办理结果并接受监督
	335	对未按照规定办理相关手续的行为进行处理	依据相关法律法规规定	县级主管部门	受理条件	符合法定条件、标准的，依法作出决定	法定期限内办结	按规定公开办理结果并接受监督
	336	对未按照规定办理相关手续的行为进行处理	依据相关法律法规规定	县级主管部门	受理条件	符合法定条件、标准的，依法作出决定	法定期限内办结	按规定公开办理结果并接受监督
	337	对未按照规定办理相关手续的行为进行处理	依据相关法律法规规定	县级主管部门	受理条件	符合法定条件、标准的，依法作出决定	法定期限内办结	按规定公开办理结果并接受监督
	338	对未按照规定办理相关手续的行为进行处理	依据相关法律法规规定	县级主管部门	受理条件	符合法定条件、标准的，依法作出决定	法定期限内办结	按规定公开办理结果并接受监督
	339	对未按照规定办理相关手续的行为进行处理	依据相关法律法规规定	县级主管部门	受理条件	符合法定条件、标准的，依法作出决定	法定期限内办结	按规定公开办理结果并接受监督
	340	对未按照规定办理相关手续的行为进行处理	依据相关法律法规规定	县级主管部门	受理条件	符合法定条件、标准的，依法作出决定	法定期限内办结	按规定公开办理结果并接受监督
	341	对未按照规定办理相关手续的行为进行处理	依据相关法律法规规定	县级主管部门	受理条件	符合法定条件、标准的，依法作出决定	法定期限内办结	按规定公开办理结果并接受监督
	342	对未按照规定办理相关手续的行为进行处理	依据相关法律法规规定	县级主管部门	受理条件	符合法定条件、标准的，依法作出决定	法定期限内办结	按规定公开办理结果并接受监督
	343	对未按照规定办理相关手续的行为进行处理	依据相关法律法规规定	县级主管部门	受理条件	符合法定条件、标准的，依法作出决定	法定期限内办结	按规定公开办理结果并接受监督
	344	对未按照规定办理相关手续的行为进行处理	依据相关法律法规规定	县级主管部门	受理条件	符合法定条件、标准的，依法作出决定	法定期限内办结	按规定公开办理结果并接受监督
	345	对未按照规定办理相关手续的行为进行处理	依据相关法律法规规定	县级主管部门	受理条件	符合法定条件、标准的，依法作出决定	法定期限内办结	按规定公开办理结果并接受监督
	346	对未按照规定办理相关手续的行为进行处理	依据相关法律法规规定	县级主管部门	受理条件	符合法定条件、标准的，依法作出决定	法定期限内办结	按规定公开办理结果并接受监督
	347	对未按照规定办理相关手续的行为进行处理	依据相关法律法规规定	县级主管部门	受理条件	符合法定条件、标准的，依法作出决定	法定期限内办结	按规定公开办理结果并接受监督
	348	对未按照规定办理相关手续的行为进行处理	依据相关法律法规规定	县级主管部门	受理条件	符合法定条件、标准的，依法作出决定	法定期限内办结	按规定公开办理结果并接受监督
	349	对未按照规定办理相关手续的行为进行处理	依据相关法律法规规定	县级主管部门	受理条件	符合法定条件、标准的，依法作出决定	法定期限内办结	按规定公开办理结果并接受监督
	350	对未按照规定办理相关手续的行为进行处理	依据相关法律法规规定	县级主管部门	受理条件	符合法定条件、标准的，依法作出决定	法定期限内办结	按规定公开办理结果并接受监督
	351	对未按照规定办理相关手续的行为进行处理	依据相关法律法规规定	县级主管部门	受理条件	符合法定条件、标准的，依法作出决定	法定期限内办结	按规定公开办理结果并接受监督
	352	对未按照规定办理相关手续的行为进行处理	依据相关法律法规规定	县级主管部门	受理条件	符合法定条件、标准的，依法作出决定	法定期限内办结	按规定公开办理结果并接受监督
	353	对未按照规定办理相关手续的行为进行处理	依据相关法律法规规定	县级主管部门	受理条件	符合法定条件、标准的，依法作出决定	法定期限内办结	按规定公开办理结果并接受监督
	354	对未按照规定办理相关手续的行为进行处理	依据相关法律法规规定	县级主管部门	受理条件	符合法定条件、标准的，依法作出决定	法定期限内办结	按规定公开办理结果并接受监督
	355	对未按照规定办理相关手续的行为进行处理	依据相关法律法规规定	县级主管部门	受理条件	符合法定条件、标准的，依法作出决定	法定期限内办结	按规定公开办理结果并接受监督
	356	对未按照规定办理相关手续的行为进行处理	依据相关法律法规规定	县级主管部门	受理条件	符合法定条件、标准的，依法作出决定	法定期限内办结	按规定公开办理结果并接受监督
	357	对未按照规定办理相关手续的行为进行处理	依据相关法律法规规定	县级主管部门	受理条件	符合法定条件、标准的，依法作出决定	法定期限内办结	按规定公开办理结果并接受监督
	358	对未按照规定办理相关手续的行为进行处理	依据相关法律法规规定	县级主管部门	受理条件	符合法定条件、标准的，依法作出决定	法定期限内办结	按规定公开办理结果并接受监督
	359	对未按照规定办理相关手续的行为进行处理	依据相关法律法规规定	县级主管部门	受理条件	符合法定条件、标准的，依法作出决定	法定期限内办结	按规定公开办理结果并接受监督
	360	对未按照规定办理相关手续的行为进行处理	依据相关法律法规规定	县级主管部门	受理条件	符合法定条件、标准的，依法作出决定	法定期限内办结	按规定公开办理结果并接受监督
	361	对未按照规定办理相关手续的行为进行处理	依据相关法律法规规定	县级主管部门	受理条件	符合法定条件、标准的，依法作出决定	法定期限内办结	按规定公开办理结果并接受监督
	362	对未按照规定办理相关手续的行为进行处理	依据相关法律法规规定	县级主管部门	受理条件	符合法定条件、标准的，依法作出决定	法定期限内办结	按规定公开办理结果并接受监督
	363	对未按照规定办理相关手续的行为进行处理	依据相关法律法规规定	县级主管部门	受理条件	符合法定条件、标准的，依法作出决定	法定期限内办结	按规定公开办理结果并接受监督
	364	对未按照规定办理相关手续的行为进行处理	依据相关法律法规规定	县级主管部门	受理条件	符合法定条件、标准的，依法作出决定	法定期限内办结	按规定公开办理结果并接受监督
	365	对未按照规定办理相关手续的行为进行处理	依据相关法律法规规定	县级主管部门	受理条件	符合法定条件、标准的，依法作出决定	法定期限内办结	按规定公开办理结果并接受监督
	366	对未按照规定办理相关手续的行为进行处理	依据相关法律法规规定	县级主管部门	受理条件	符合法定条件、标准的，依法作出决定	法定期限内办结	按规定公开办理结果并接受监督
其他	本表所列事项依法动态调整							
